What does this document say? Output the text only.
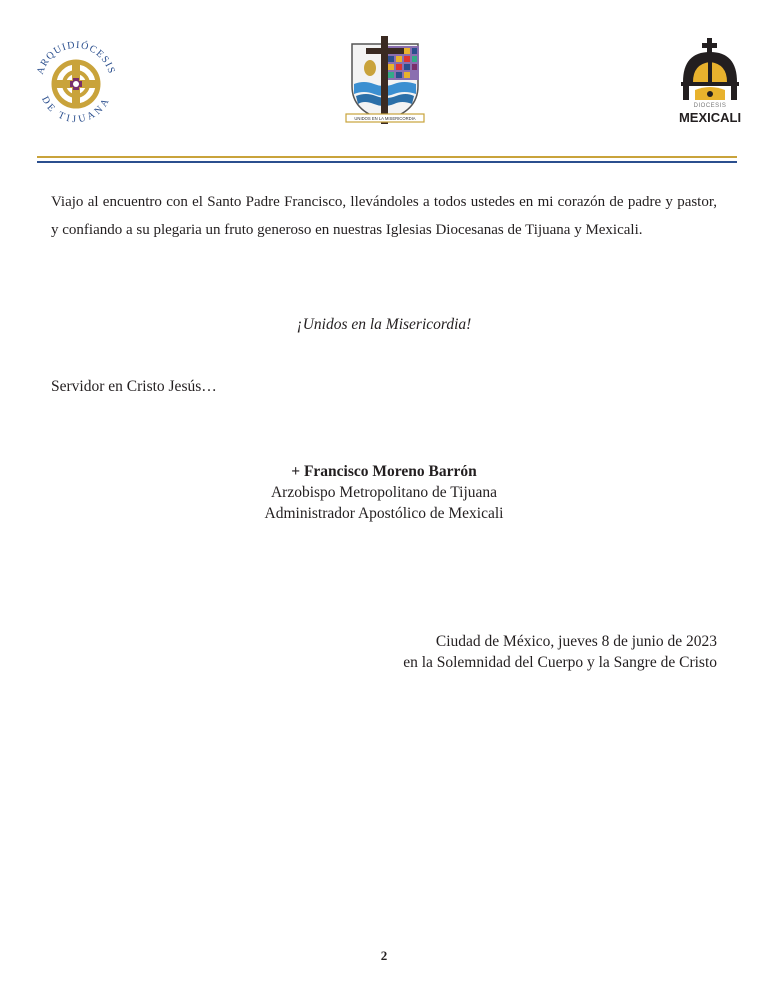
ARQUIDIÓCESIS
DE TIJUANA
UNIDOS EN LA MISERICORDIA
DIOCESIS
MEXICALI
Viajo al encuentro con el Santo Padre Francisco, llevándoles a todos ustedes en mi corazón de padre y pastor, y confiando a su plegaria un fruto generoso en nuestras Iglesias Diocesanas de Tijuana y Mexicali.
¡Unidos en la Misericordia!
Servidor en Cristo Jesús…
+ Francisco Moreno Barrón
Arzobispo Metropolitano de Tijuana
Administrador Apostólico de Mexicali
Ciudad de México, jueves 8 de junio de 2023
en la Solemnidad del Cuerpo y la Sangre de Cristo
2
